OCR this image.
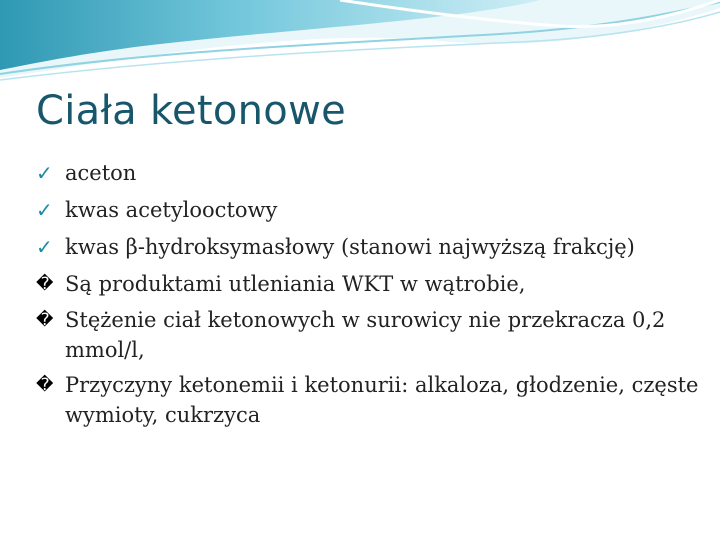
Ciała ketonowe
✓ aceton
✓ kwas acetylooctowy
✓ kwas β-hydroksymasłowy (stanowi najwyższą frakcję)
� Są produktami utleniania WKT w wątrobie,
� Stężenie ciał ketonowych w surowicy nie przekracza 0,2 mmol/l,
� Przyczyny ketonemii i ketonurii: alkaloza, głodzenie, częste wymioty, cukrzyca
